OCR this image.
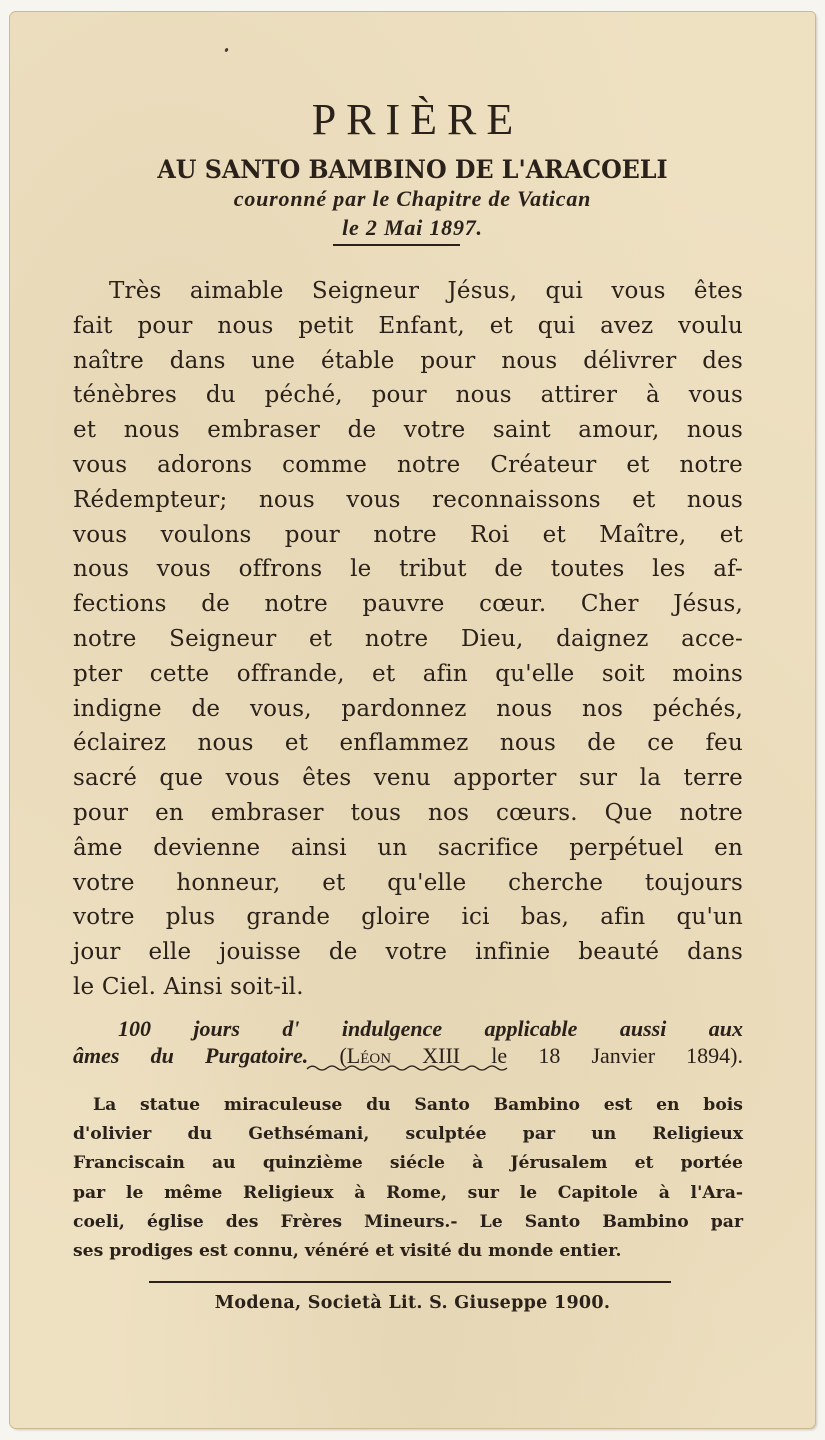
PRIÈRE
AU SANTO BAMBINO DE L'ARACOELI
couronné par le Chapitre de Vatican
le 2 Mai 1897.
Très aimable Seigneur Jésus, qui vous êtes
fait pour nous petit Enfant, et qui avez voulu
naître dans une étable pour nous délivrer des
ténèbres du péché, pour nous attirer à vous
et nous embraser de votre saint amour, nous
vous adorons comme notre Créateur et notre
Rédempteur; nous vous reconnaissons et nous
vous voulons pour notre Roi et Maître, et
nous vous offrons le tribut de toutes les af-
fections de notre pauvre cœur. Cher Jésus,
notre Seigneur et notre Dieu, daignez acce-
pter cette offrande, et afin qu'elle soit moins
indigne de vous, pardonnez nous nos péchés,
éclairez nous et enflammez nous de ce feu
sacré que vous êtes venu apporter sur la terre
pour en embraser tous nos cœurs. Que notre
âme devienne ainsi un sacrifice perpétuel en
votre honneur, et qu'elle cherche toujours
votre plus grande gloire ici bas, afin qu'un
jour elle jouisse de votre infinie beauté dans
le Ciel. Ainsi soit-il.
100 jours d' indulgence applicable aussi aux
âmes du Purgatoire. (Léon XIII le 18 Janvier 1894).
La statue miraculeuse du Santo Bambino est en bois
d'olivier du Gethsémani, sculptée par un Religieux
Franciscain au quinzième siécle à Jérusalem et portée
par le même Religieux à Rome, sur le Capitole à l'Ara-
coeli, église des Frères Mineurs.- Le Santo Bambino par
ses prodiges est connu, vénéré et visité du monde entier.
Modena, Società Lit. S. Giuseppe 1900.
